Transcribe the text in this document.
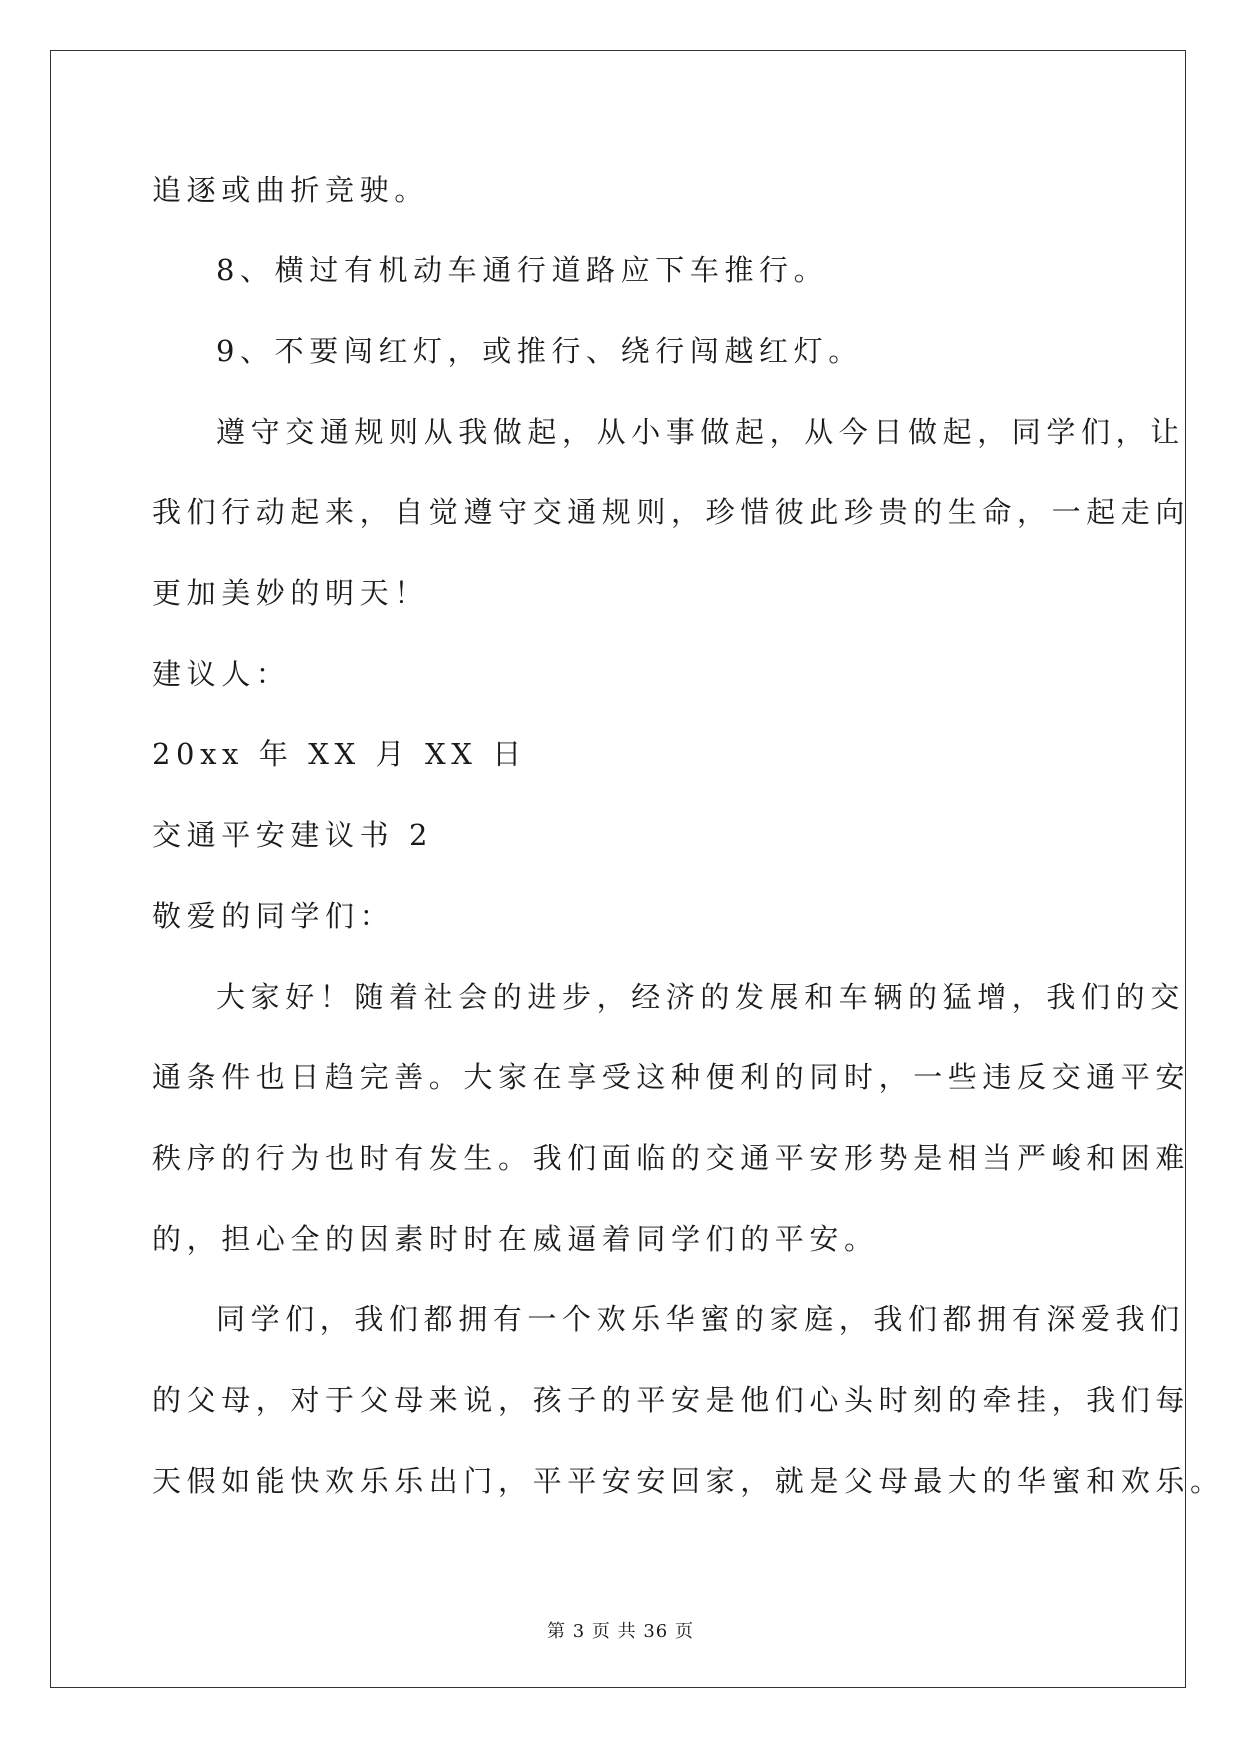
追逐或曲折竞驶。
8、横过有机动车通行道路应下车推行。
9、不要闯红灯，或推行、绕行闯越红灯。
遵守交通规则从我做起，从小事做起，从今日做起，同学们，让
我们行动起来，自觉遵守交通规则，珍惜彼此珍贵的生命，一起走向
更加美妙的明天！
建议人：
20xx 年 XX 月 XX 日
交通平安建议书 2
敬爱的同学们：
大家好！随着社会的进步，经济的发展和车辆的猛增，我们的交
通条件也日趋完善。大家在享受这种便利的同时，一些违反交通平安
秩序的行为也时有发生。我们面临的交通平安形势是相当严峻和困难
的，担心全的因素时时在威逼着同学们的平安。
同学们，我们都拥有一个欢乐华蜜的家庭，我们都拥有深爱我们
的父母，对于父母来说，孩子的平安是他们心头时刻的牵挂，我们每
天假如能快欢乐乐出门，平平安安回家，就是父母最大的华蜜和欢乐。
第 3 页 共 36 页
